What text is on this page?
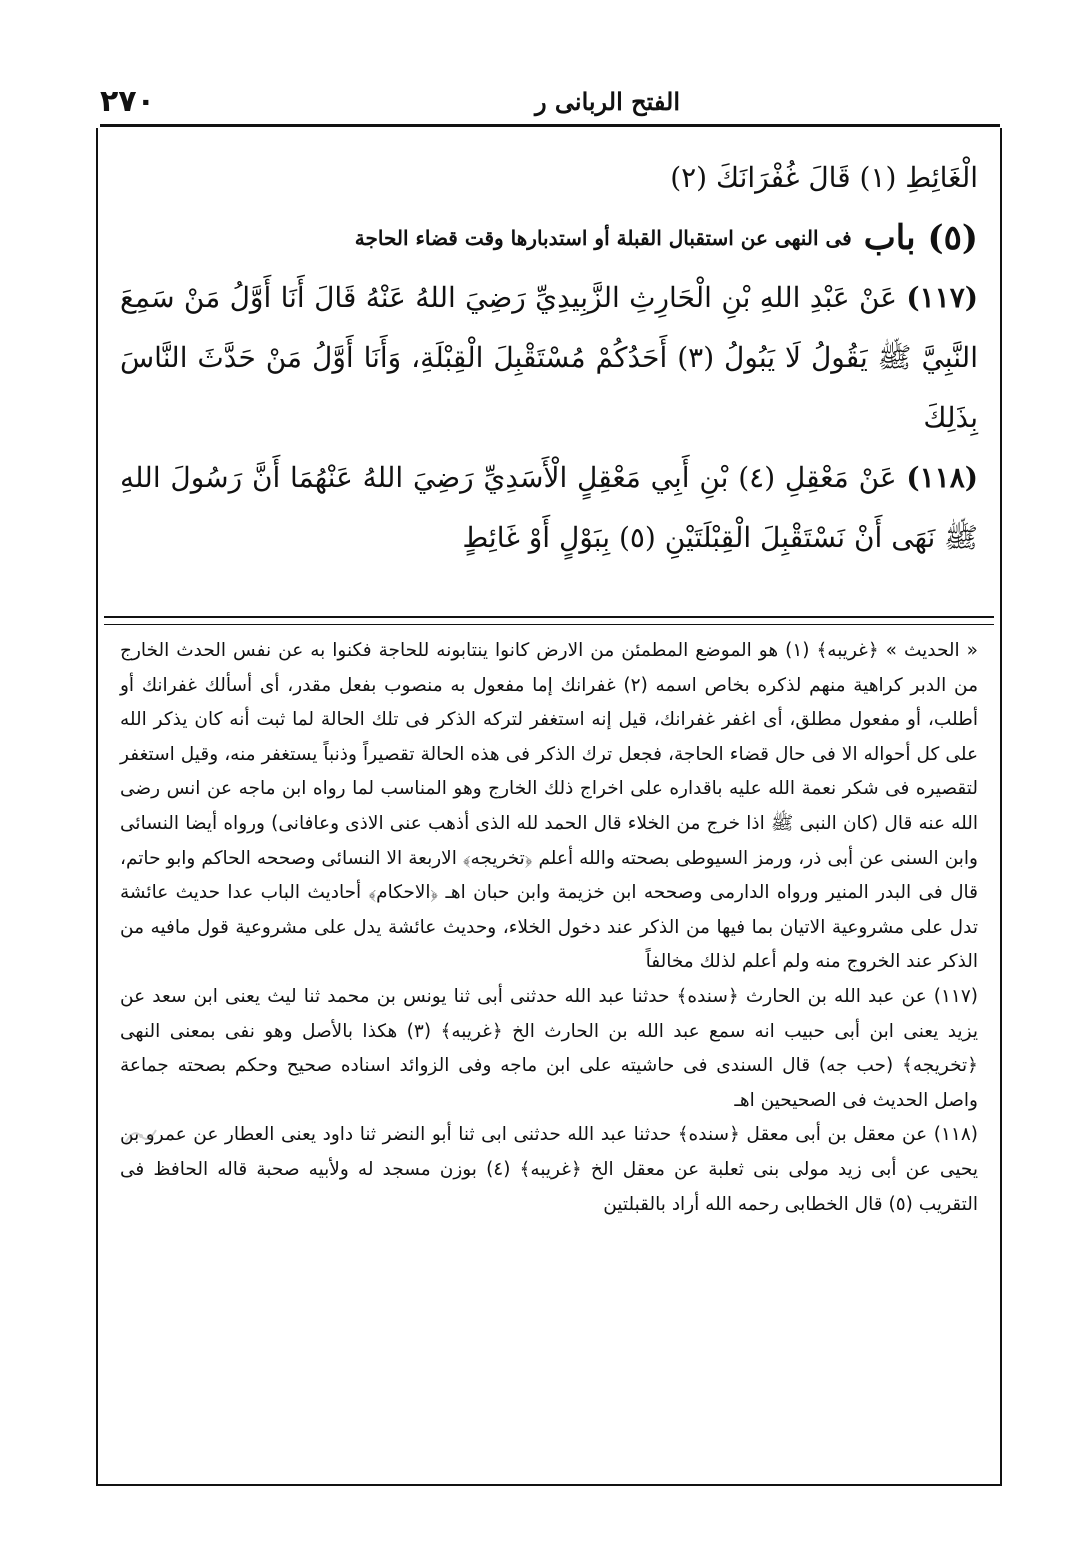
٢٧٠	الفتح الربانى ر

الْغَائِطِ (١) قَالَ غُفْرَانَكَ (٢)

(٥)
باب
فى النهى عن استقبال القبلة أو استدبارها وقت قضاء الحاجة

(١١٧) عَنْ عَبْدِ اللهِ بْنِ الْحَارِثِ الزَّبِيدِيِّ رَضِيَ اللهُ عَنْهُ قَالَ أَنَا أَوَّلُ مَنْ سَمِعَ النَّبِيَّ ﷺ يَقُولُ لَا يَبُولُ (٣) أَحَدُكُمْ مُسْتَقْبِلَ الْقِبْلَةِ، وَأَنَا أَوَّلُ مَنْ حَدَّثَ النَّاسَ بِذَلِكَ

(١١٨) عَنْ مَعْقِلِ (٤) بْنِ أَبِي مَعْقِلٍ الْأَسَدِيِّ رَضِيَ اللهُ عَنْهُمَا أَنَّ رَسُولَ اللهِ ﷺ نَهَى أَنْ نَسْتَقْبِلَ الْقِبْلَتَيْنِ (٥) بِبَوْلٍ أَوْ غَائِطٍ

« الحديث » ﴿غريبه﴾ (١) هو الموضع المطمئن من الارض كانوا ينتابونه للحاجة فكنوا به عن نفس الحدث الخارج من الدبر كراهية منهم لذكره بخاص اسمه (٢) غفرانك إما مفعول به منصوب بفعل مقدر، أى أسألك غفرانك أو أطلب، أو مفعول مطلق، أى اغفر غفرانك، قيل إنه استغفر لتركه الذكر فى تلك الحالة لما ثبت أنه كان يذكر الله على كل أحواله الا فى حال قضاء الحاجة، فجعل ترك الذكر فى هذه الحالة تقصيراً وذنباً يستغفر منه، وقيل استغفر لتقصيره فى شكر نعمة الله عليه باقداره على اخراج ذلك الخارج وهو المناسب لما رواه ابن ماجه عن انس رضى الله عنه قال (كان النبى ﷺ اذا خرج من الخلاء قال الحمد لله الذى أذهب عنى الاذى وعافانى) ورواه أيضا النسائى وابن السنى عن أبى ذر، ورمز السيوطى بصحته والله أعلم ﴿تخريجه﴾ الاربعة الا النسائى وصححه الحاكم وابو حاتم، قال فى البدر المنير ورواه الدارمى وصححه ابن خزيمة وابن حبان اهـ ﴿الاحكام﴾ أحاديث الباب عدا حديث عائشة تدل على مشروعية الاتيان بما فيها من الذكر عند دخول الخلاء، وحديث عائشة يدل على مشروعية قول مافيه من الذكر عند الخروج منه ولم أعلم لذلك مخالفاً

(١١٧) عن عبد الله بن الحارث ﴿سنده﴾ حدثنا عبد الله حدثنى أبى ثنا يونس بن محمد ثنا ليث يعنى ابن سعد عن يزيد يعنى ابن أبى حبيب انه سمع عبد الله بن الحارث الخ ﴿غريبه﴾ (٣) هكذا بالأصل وهو نفى بمعنى النهى ﴿تخريجه﴾ (حب جه) قال السندى فى حاشيته على ابن ماجه وفى الزوائد اسناده صحيح وحكم بصحته جماعة واصل الحديث فى الصحيحين اهـ

(١١٨) عن معقل بن أبى معقل ﴿سنده﴾ حدثنا عبد الله حدثنى ابى ثنا أبو النضر ثنا داود يعنى العطار عن عمرو بن يحيى عن أبى زيد مولى بنى ثعلبة عن معقل الخ ﴿غريبه﴾ (٤) بوزن مسجد له ولأبيه صحبة قاله الحافظ فى التقريب (٥) قال الخطابى رحمه الله أراد بالقبلتين
